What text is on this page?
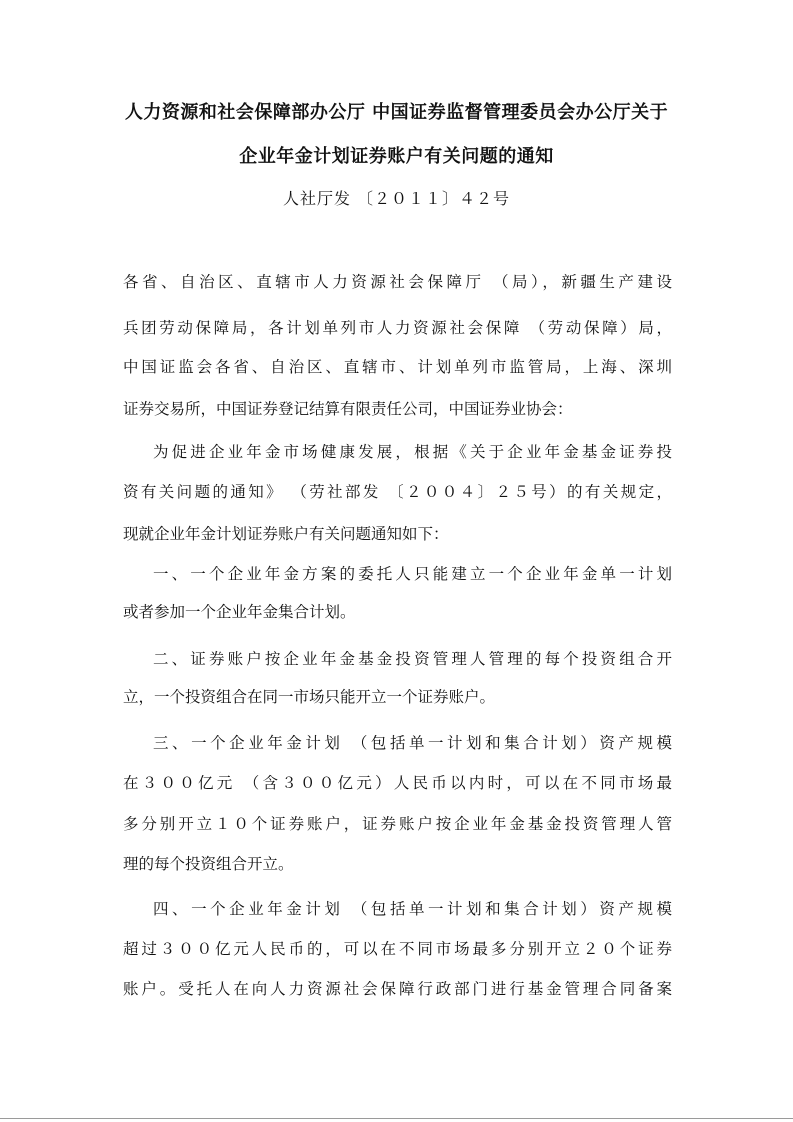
人力资源和社会保障部办公厅 中国证券监督管理委员会办公厅关于
企业年金计划证券账户有关问题的通知
人社厅发 〔２０１１〕４２号
各省、自治区、直辖市人力资源社会保障厅 （局），新疆生产建设
兵团劳动保障局，各计划单列市人力资源社会保障 （劳动保障）局，
中国证监会各省、自治区、直辖市、计划单列市监管局，上海、深圳
证券交易所，中国证券登记结算有限责任公司，中国证券业协会：
为促进企业年金市场健康发展，根据《关于企业年金基金证券投
资有关问题的通知》 （劳社部发 〔２００４〕２５号）的有关规定，
现就企业年金计划证券账户有关问题通知如下：
一、一个企业年金方案的委托人只能建立一个企业年金单一计划
或者参加一个企业年金集合计划。
二、证券账户按企业年金基金投资管理人管理的每个投资组合开
立，一个投资组合在同一市场只能开立一个证券账户。
三、一个企业年金计划 （包括单一计划和集合计划）资产规模
在３００亿元 （含３００亿元）人民币以内时，可以在不同市场最
多分别开立１０个证券账户，证券账户按企业年金基金投资管理人管
理的每个投资组合开立。
四、一个企业年金计划 （包括单一计划和集合计划）资产规模
超过３００亿元人民币的，可以在不同市场最多分别开立２０个证券
账户。受托人在向人力资源社会保障行政部门进行基金管理合同备案
